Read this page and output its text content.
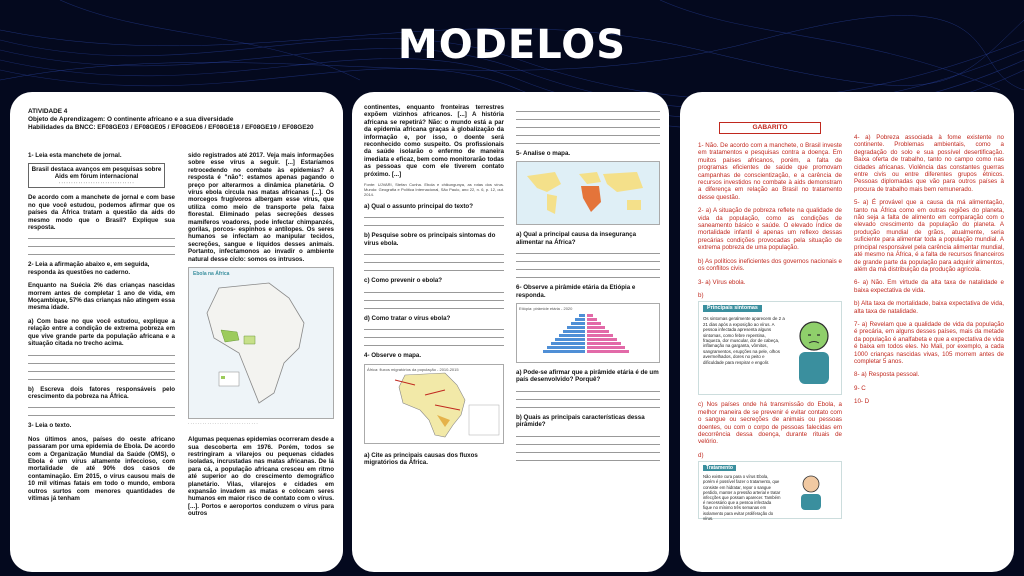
MODELOS
ATIVIDADE 4
Objeto de Aprendizagem: O continente africano e a sua diversidade
Habilidades da BNCC: EF08GE03 / EF08GE05 / EF08GE06 / EF08GE18 / EF08GE19 / EF08GE20
1- Leia esta manchete de jornal.
Brasil destaca avanços em pesquisas sobre Aids em fórum internacional
· · · · · · · · · · · · · · · · · · · · · · · · · · · · · · ·
De acordo com a manchete de jornal e com base no que você estudou, podemos afirmar que os países da África tratam a questão da aids do mesmo modo que o Brasil? Explique sua resposta.
2- Leia a afirmação abaixo e, em seguida, responda às questões no caderno.
Enquanto na Suécia 2% das crianças nascidas morrem antes de completar 1 ano de vida, em Moçambique, 57% das crianças não atingem essa mesma idade.
a) Com base no que você estudou, explique a relação entre a condição de extrema pobreza em que vive grande parte da população africana e a situação citada no trecho acima.
b) Escreva dois fatores responsáveis pelo crescimento da pobreza na África.
3- Leia o texto.
Nos últimos anos, países do oeste africano passaram por uma epidemia de Ebola. De acordo com a Organização Mundial da Saúde (OMS), o Ebola é um vírus altamente infeccioso, com mortalidade de até 90% dos casos de contaminação. Em 2015, o vírus causou mais de 10 mil vítimas fatais em todo o mundo, embora outros surtos com menores quantidades de vítimas já tenham
sido registrados até 2017. Veja mais informações sobre esse vírus a seguir. [...] Estaríamos retrocedendo no combate às epidemias? A resposta é "não": estamos apenas pagando o preço por alterarmos a dinâmica planetária. O vírus ebola circula nas matas africanas [...]. Os morcegos frugívoros albergam esse vírus, que utiliza como meio de transporte pela faixa florestal. Eliminado pelas secreções desses mamíferos voadores, pode infectar chimpanzés, gorilas, porcos- espinhos e antílopes. Os seres humanos se infectam ao manipular tecidos, secreções, sangue e líquidos desses animais. Portanto, infectamonos ao invadir o ambiente natural desse ciclo: somos os intrusos.
Ebola na África
· · · · · · · · · · · · · · · · · · · · · · · · · · · · ·
Algumas pequenas epidemias ocorreram desde a sua descoberta em 1976. Porém, todos se restringiram a vilarejos ou pequenas cidades isoladas, incrustadas nas matas africanas. De lá para cá, a população africana cresceu em ritmo até superior ao do crescimento demográfico planetário. Vilas, vilarejos e cidades em expansão invadem as matas e colocam seres humanos em maior risco de contato com o vírus. [...]. Portos e aeroportos conduzem o vírus para outros
continentes, enquanto fronteiras terrestres expõem vizinhos africanos. [...] A história africana se repetirá? Não: o mundo está a par da epidemia africana graças à globalização da informação e, por isso, o doente será reconhecido como suspeito. Os profissionais da saúde isolarão o enfermo de maneira imediata e eficaz, bem como monitorarão todas as pessoas que com ele tiverem contato próximo. [...]
Fonte: UJVARI, Stefan Cunha. Ebola e chikungunya, as rotas dos vírus. Mundo: Geografia e Política Internacional, São Paulo, ano 22, n. 6, p. 12, out. 2014.
a) Qual o assunto principal do texto?
b) Pesquise sobre os principais sintomas do vírus ebola.
c) Como prevenir o ebola?
d) Como tratar o vírus ebola?
4- Observe o mapa.
África: fluxos migratórios da população - 2010-2015
a) Cite as principais causas dos fluxos migratórios da África.
5- Analise o mapa.
a) Qual a principal causa da insegurança alimentar na África?
6- Observe a pirâmide etária da Etiópia e responda.
Etiópia: pirâmide etária - 2020
a) Pode-se afirmar que a pirâmide etária é de um país desenvolvido? Porquê?
b) Quais as principais características dessa pirâmide?
GABARITO
1- Não. De acordo com a manchete, o Brasil investe em tratamentos e pesquisas contra a doença. Em muitos países africanos, porém, a falta de programas eficientes de saúde que promovam campanhas de conscientização, e a carência de recursos investidos no combate à aids demonstram a diferença em relação ao Brasil no tratamento desse questão.
2- a) A situação de pobreza reflete na qualidade de vida da população, como as condições de saneamento básico e saúde. O elevado índice de mortalidade infantil é apenas um reflexo dessas precárias condições provocadas pela situação de extrema pobreza de uma população.
b) As políticos ineficientes dos governos nacionais e os conflitos civis.
3- a) Vírus ebola.
b)
Principais sintomas
Os sintomas geralmente aparecem de 2 a 21 dias após a exposição ao vírus. A pessoa infectada apresenta alguns sintomas, como febre repentina, fraqueza, dor muscular, dor de cabeça, inflamação na garganta, vômitos, sangramentos, erupções na pele, olhos avermelhados, dores no peito e dificuldade para respirar e engolir.
c) Nos países onde há transmissão do Ebola, a melhor maneira de se prevenir é evitar contato com o sangue ou secreções de animais ou pessoas doentes, ou com o corpo de pessoas falecidas em decorrência dessa doença, durante rituais de velório.
d)
Tratamento
Não existe cura para o vírus Ebola, porém é possível fazer o tratamento, que consiste em hidratar, repor o sangue perdido, manter a pressão arterial e tratar infecções que possam aparecer. Também é necessário que a pessoa infectada fique no mínimo três semanas em isolamento para evitar proliferação do vírus.
4- a) Pobreza associada à fome existente no continente. Problemas ambientais, como a degradação do solo e sua possível desertificação. Baixa oferta de trabalho, tanto no campo como nas cidades africanas. Violência das constantes guerras entre civis ou entre diferentes grupos étnicos. Pessoas diplomadas que vão para outros países à procura de trabalho mais bem remunerado.
5- a) É provável que a causa da má alimentação, tanto na África como em outras regiões do planeta, não seja a falta de alimento em comparação com o elevado crescimento da população do planeta. A produção mundial de grãos, atualmente, seria suficiente para alimentar toda a população mundial. A principal responsável pela carência alimentar mundial, até mesmo na África, é a falta de recursos financeiros de grande parte da população para adquirir alimentos, além da má distribuição da produção agrícola.
6- a) Não. Em virtude da alta taxa de natalidade e baixa expectativa de vida.
b) Alta taxa de mortalidade, baixa expectativa de vida, alta taxa de natalidade.
7- a) Revelam que a qualidade de vida da população é precária, em alguns desses países, mais da metade da população é analfabeta e que a expectativa de vida é baixa em todos eles. No Mali, por exemplo, a cada 1000 crianças nascidas vivas, 105 morrem antes de completar 5 anos.
8- a) Resposta pessoal.
9- C
10- D
